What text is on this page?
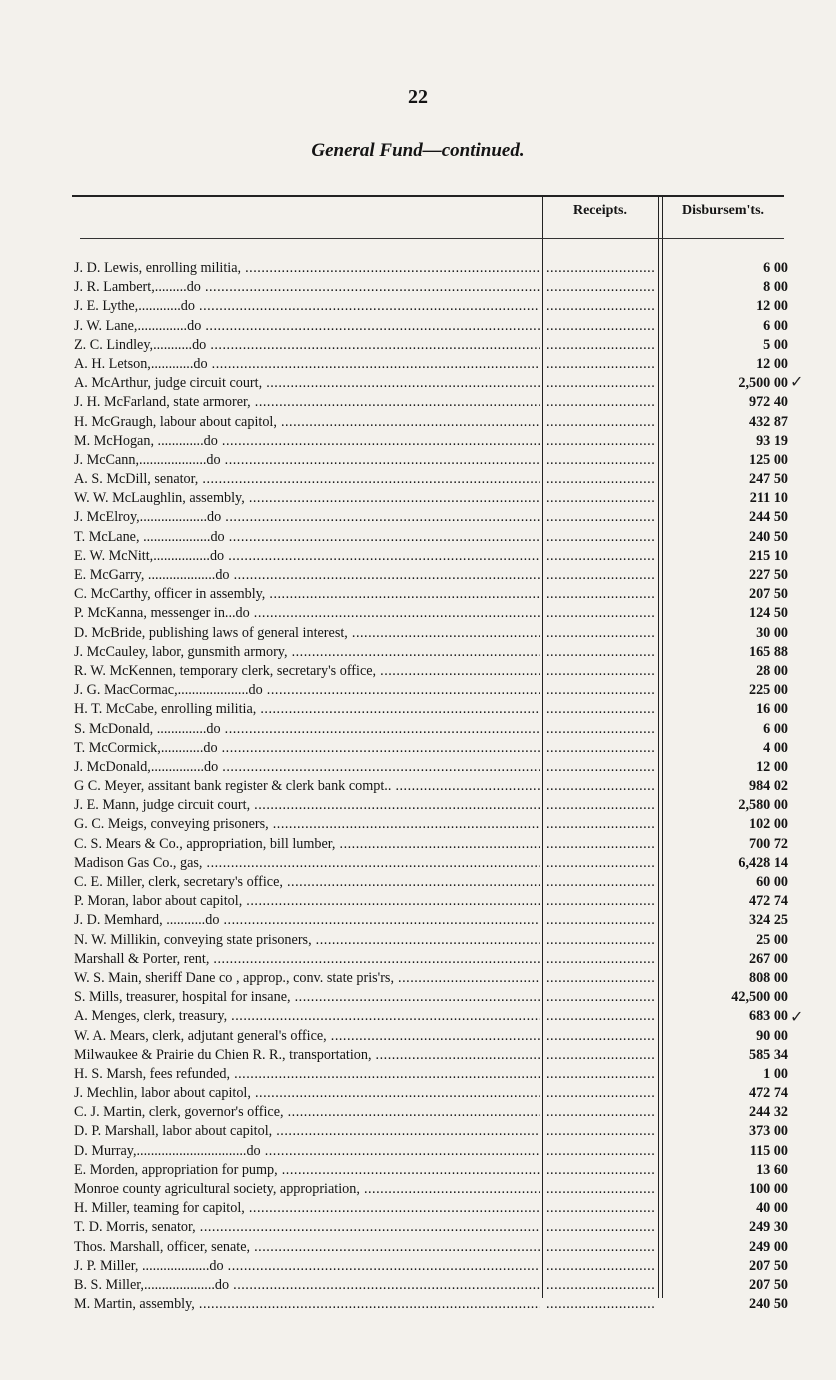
22
General Fund—continued.
Receipts.	Disbursem'ts.
J. D. Lewis, enrolling militia, ..... .....	6 00
J. R. Lambert,.........do ..... .....	8 00
J. E. Lythe,............do ..... .....	12 00
J. W. Lane,..............do ..... .....	6 00
Z. C. Lindley,...........do ..... .....	5 00
A. H. Letson,............do ..... .....	12 00
A. McArthur, judge circuit court, ..... .....	2,500 00
J. H. McFarland, state armorer, ..... .....	972 40
H. McGraugh, labour about capitol, ..... .....	432 87
M. McHogan, .............do ..... .....	93 19
J. McCann,...................do ..... .....	125 00
A. S. McDill, senator, ..... .....	247 50
W. W. McLaughlin, assembly, ..... .....	211 10
J. McElroy,...................do ..... .....	244 50
T. McLane, ...................do ..... .....	240 50
E. W. McNitt,................do ..... .....	215 10
E. McGarry, ...................do ..... .....	227 50
C. McCarthy, officer in assembly, ..... .....	207 50
P. McKanna, messenger in...do ..... .....	124 50
D. McBride, publishing laws of general interest, ..... .....	30 00
J. McCauley, labor, gunsmith armory, ..... .....	165 88
R. W. McKennen, temporary clerk, secretary's office, ..... .....	28 00
J. G. MacCormac,....................do ..... .....	225 00
H. T. McCabe, enrolling militia, ..... .....	16 00
S. McDonald, ..............do ..... .....	6 00
T. McCormick,............do ..... .....	4 00
J. McDonald,...............do ..... .....	12 00
G C. Meyer, assitant bank register & clerk bank compt.. ..... .....	984 02
J. E. Mann, judge circuit court, ..... .....	2,580 00
G. C. Meigs, conveying prisoners, ..... .....	102 00
C. S. Mears & Co., appropriation, bill lumber, ..... .....	700 72
Madison Gas Co., gas, ..... .....	6,428 14
C. E. Miller, clerk, secretary's office, ..... .....	60 00
P. Moran, labor about capitol, ..... .....	472 74
J. D. Memhard, ...........do ..... .....	324 25
N. W. Millikin, conveying state prisoners, ..... .....	25 00
Marshall & Porter, rent, ..... .....	267 00
W. S. Main, sheriff Dane co , approp., conv. state pris'rs, ..... .....	808 00
S. Mills, treasurer, hospital for insane, ..... .....	42,500 00
A. Menges, clerk, treasury, ..... .....	683 00
W. A. Mears, clerk, adjutant general's office, ..... .....	90 00
Milwaukee & Prairie du Chien R. R., transportation, ..... .....	585 34
H. S. Marsh, fees refunded, ..... .....	1 00
J. Mechlin, labor about capitol, ..... .....	472 74
C. J. Martin, clerk, governor's office, ..... .....	244 32
D. P. Marshall, labor about capitol, ..... .....	373 00
D. Murray,...............................do ..... .....	115 00
E. Morden, appropriation for pump, ..... .....	13 60
Monroe county agricultural society, appropriation, ..... .....	100 00
H. Miller, teaming for capitol, ..... .....	40 00
T. D. Morris, senator, ..... .....	249 30
Thos. Marshall, officer, senate, ..... .....	249 00
J. P. Miller, ...................do ..... .....	207 50
B. S. Miller,....................do ..... .....	207 50
M. Martin, assembly, ..... .....	240 50
✓
✓
